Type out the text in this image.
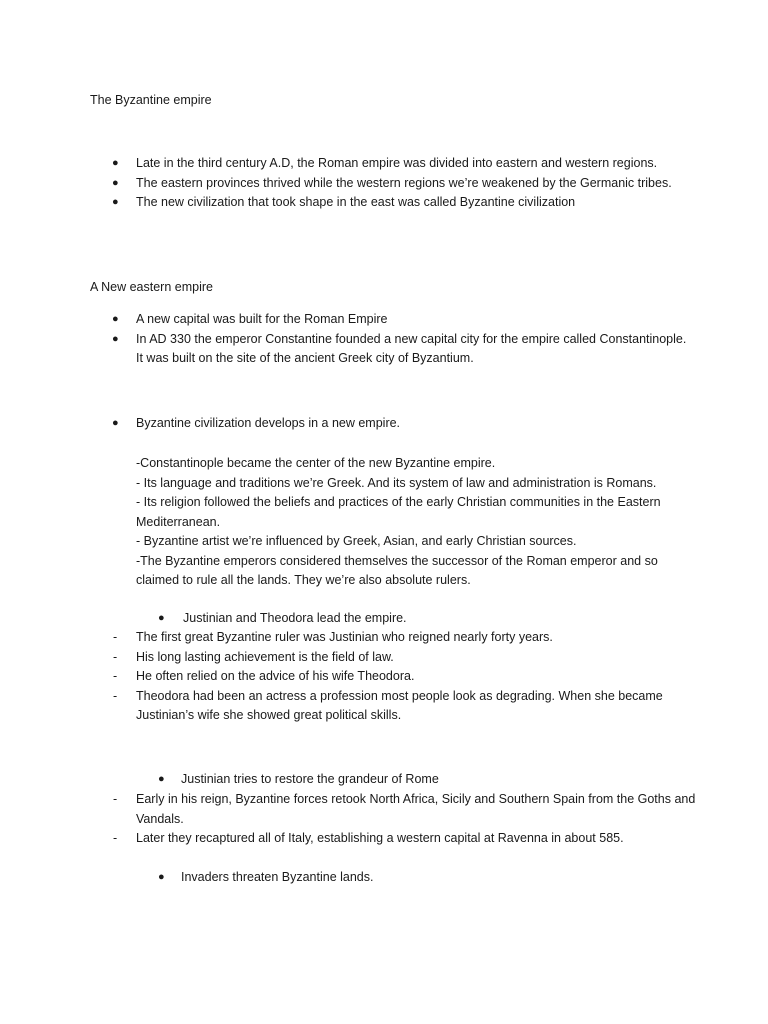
The Byzantine empire
●	Late in the third century A.D, the Roman empire was divided into eastern and western regions.
●	The eastern provinces thrived while the western regions we’re weakened by the Germanic tribes.
●	The new civilization that took shape in the east was called Byzantine civilization
A New eastern empire
●	A new capital was built for the Roman Empire
●	In AD 330 the emperor Constantine founded a new capital city for the empire called Constantinople. It was built on the site of the ancient Greek city of Byzantium.
●	Byzantine civilization develops in a new empire.

-Constantinople became the center of the new Byzantine empire.

- Its language and traditions we’re Greek. And its system of law and administration is Romans.

- Its religion followed the beliefs and practices of the early Christian communities in the Eastern Mediterranean.

- Byzantine artist we’re influenced by Greek, Asian, and early Christian sources.

-The Byzantine emperors considered themselves the successor of the Roman emperor and so claimed to rule all the lands. They we’re also absolute rulers.

●	Justinian and Theodora lead the empire.
- The first great Byzantine ruler was Justinian who reigned nearly forty years.
- His long lasting achievement is the field of law.
- He often relied on the advice of his wife Theodora.
- Theodora had been an actress a profession most people look as degrading. When she became Justinian’s wife she showed great political skills.
●	Justinian tries to restore the grandeur of Rome
- Early in his reign, Byzantine forces retook North Africa, Sicily and Southern Spain from the Goths and Vandals.
- Later they recaptured all of Italy, establishing a western capital at Ravenna in about 585.
●	Invaders threaten Byzantine lands.
